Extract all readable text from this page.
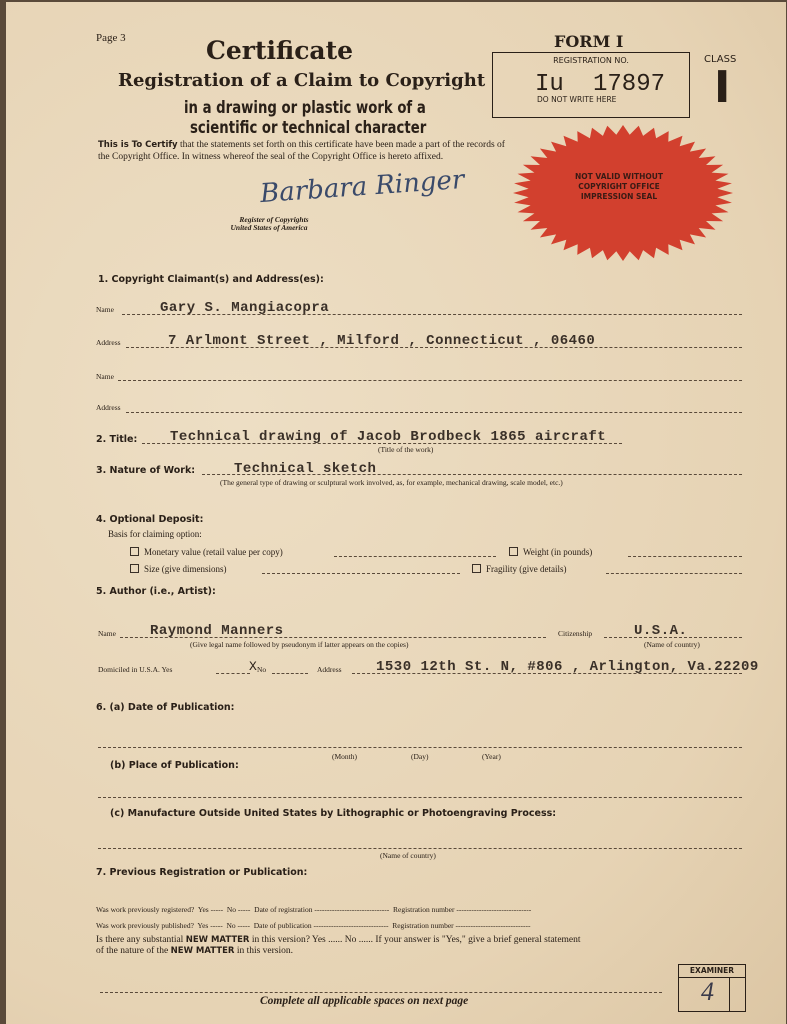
Page 3	Certificate
Registration of a Claim to Copyright
in a drawing or plastic work of a
scientific or technical character
This is To Certify that the statements set forth on this certificate have been made a part of the records of the Copyright Office. In witness whereof the seal of the Copyright Office is hereto affixed.
Barbara Ringer
Register of Copyrights
United States of America
FORM I
REGISTRATION NO.
Iu 17897
DO NOT WRITE HERE
CLASS
I
NOT VALID WITHOUT
COPYRIGHT OFFICE
IMPRESSION SEAL
1. Copyright Claimant(s) and Address(es):
Name	Gary S. Mangiacopra
Address	7 Arlmont Street , Milford , Connecticut , 06460
Name
Address
2. Title: Technical drawing of Jacob Brodbeck 1865 aircraft
(Title of the work)
3. Nature of Work:	Technical sketch
(The general type of drawing or sculptural work involved, as, for example, mechanical drawing, scale model, etc.)
4. Optional Deposit:
Basis for claiming option:
Monetary value (retail value per copy)	Weight (in pounds)
Size (give dimensions)	Fragility (give details)
5. Author (i.e., Artist):
Name Raymond Manners
(Give legal name followed by pseudonym if latter appears on the copies)
Citizenship	U.S.A.
(Name of country)
Domiciled in U.S.A. Yes	X No	Address 1530 12th St. N, #806 , Arlington, Va.22209
6. (a) Date of Publication:
(Month)	(Day)	(Year)
(b) Place of Publication:
(c) Manufacture Outside United States by Lithographic or Photoengraving Process:
(Name of country)
7. Previous Registration or Publication:
Was work previously registered? Yes -----  No -----  Date of registration ------------------------------  Registration number ------------------------------
Was work previously published? Yes -----  No -----  Date of publication ------------------------------  Registration number ------------------------------
Is there any substantial NEW MATTER in this version? Yes ...... No ...... If your answer is "Yes," give a brief general statement
of the nature of the NEW MATTER in this version.
Complete all applicable spaces on next page
EXAMINER
4
